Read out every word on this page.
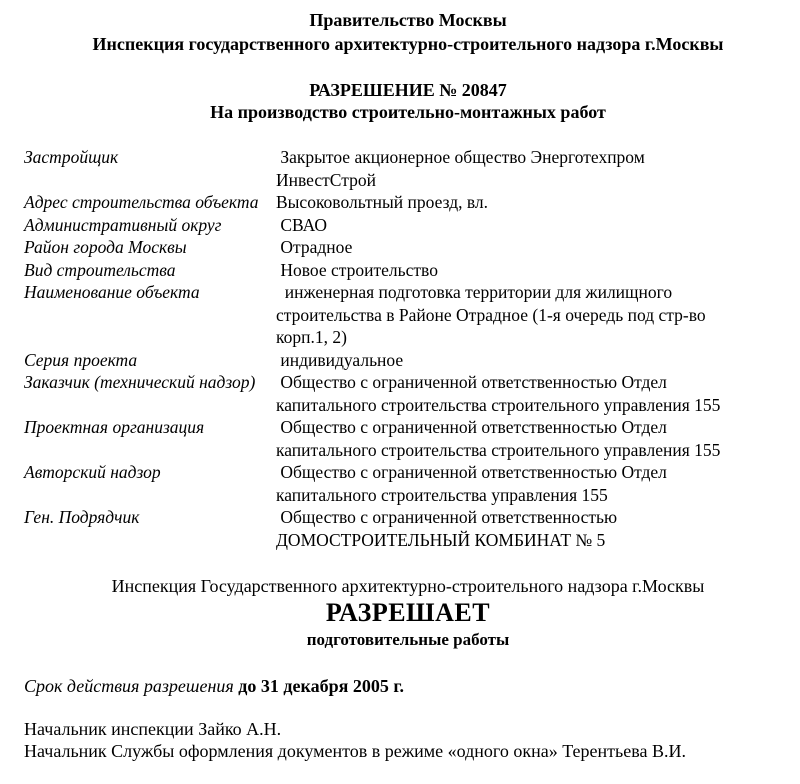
Правительство Москвы
Инспекция государственного архитектурно-строительного надзора г.Москвы
РАЗРЕШЕНИЕ № 20847
На производство строительно-монтажных работ
Застройщик	Закрытое акционерное общество Энерготехпром
ИнвестСтрой
Адрес строительства объекта	Высоковольтный проезд, вл.
Административный округ	СВАО
Район города Москвы	Отрадное
Вид строительства	Новое строительство
Наименование объекта	инженерная подготовка территории для жилищного
строительства в Районе Отрадное (1-я очередь под стр-во
корп.1, 2)
Серия проекта	индивидуальное
Заказчик (технический надзор)	Общество с ограниченной ответственностью Отдел
капитального строительства строительного управления 155
Проектная организация	Общество с ограниченной ответственностью Отдел
капитального строительства строительного управления 155
Авторский надзор	Общество с ограниченной ответственностью Отдел
капитального строительства управления 155
Ген. Подрядчик	Общество с ограниченной ответственностью
ДОМОСТРОИТЕЛЬНЫЙ КОМБИНАТ № 5
Инспекция Государственного архитектурно-строительного надзора г.Москвы
РАЗРЕШАЕТ
подготовительные работы
Срок действия разрешения до 31 декабря 2005 г.
Начальник инспекции Зайко А.Н.
Начальник Службы оформления документов в режиме «одного окна» Терентьева В.И.
